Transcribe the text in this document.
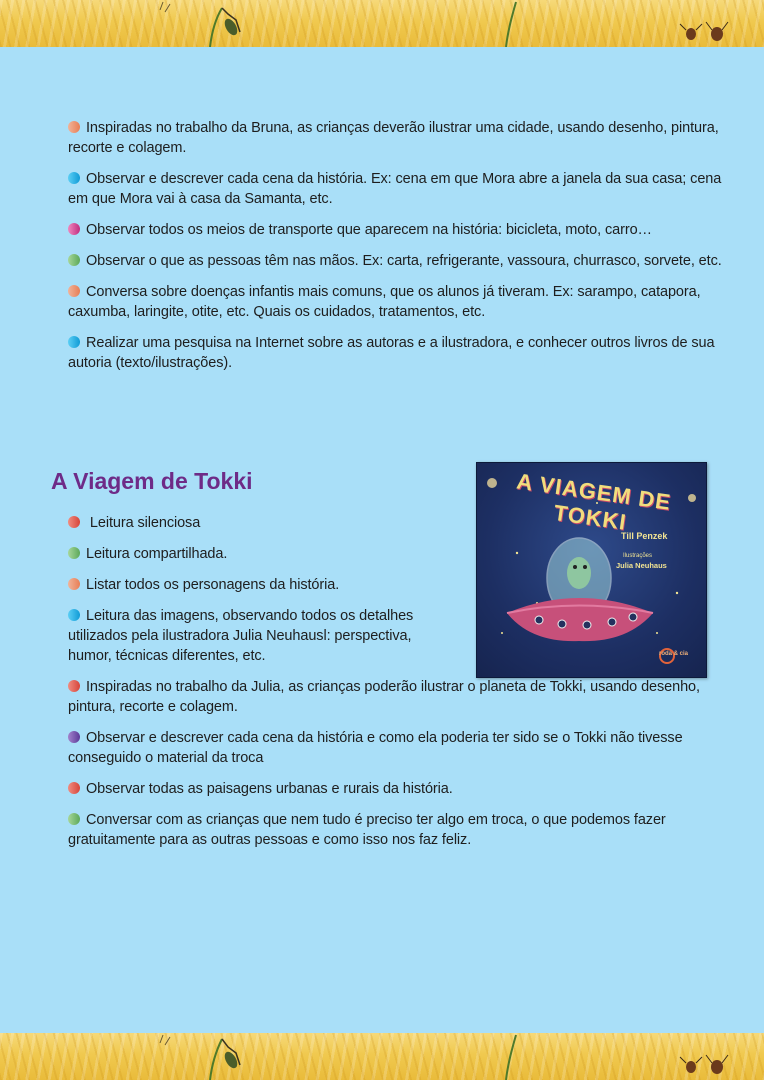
Inspiradas no trabalho da Bruna, as crianças deverão ilustrar uma cidade, usando desenho, pintura, recorte e colagem.
Observar e descrever cada cena da história. Ex: cena em que Mora abre a janela da sua casa; cena em que Mora vai à casa da Samanta, etc.
Observar todos os meios de transporte que aparecem na história: bicicleta, moto, carro…
Observar o que as pessoas têm nas mãos. Ex: carta, refrigerante, vassoura, churrasco, sorvete, etc.
Conversa sobre doenças infantis mais comuns, que os alunos já tiveram. Ex: sarampo, catapora, caxumba, laringite, otite, etc. Quais os cuidados, tratamentos, etc.
Realizar uma pesquisa na Internet sobre as autoras e a ilustradora, e conhecer outros livros de sua autoria (texto/ilustrações).
A Viagem de Tokki	A VIAGEM DE TOKKI
Till Penzek
Ilustrações
Julia Neuhaus
roda & cia
Leitura silenciosa
Leitura compartilhada.
Listar todos os personagens da história.
Leitura das imagens, observando todos os detalhes utilizados pela ilustradora Julia Neuhausl: perspectiva, humor, técnicas diferentes, etc.
Inspiradas no trabalho da Julia, as crianças poderão ilustrar o planeta de Tokki, usando desenho, pintura, recorte e colagem.
Observar e descrever cada cena da história e como ela poderia ter sido se o Tokki não tivesse conseguido o material da troca
Observar todas as paisagens urbanas e rurais da história.
Conversar com as crianças que nem tudo é preciso ter algo em troca, o que podemos fazer gratuitamente para as outras pessoas e como isso nos faz feliz.
